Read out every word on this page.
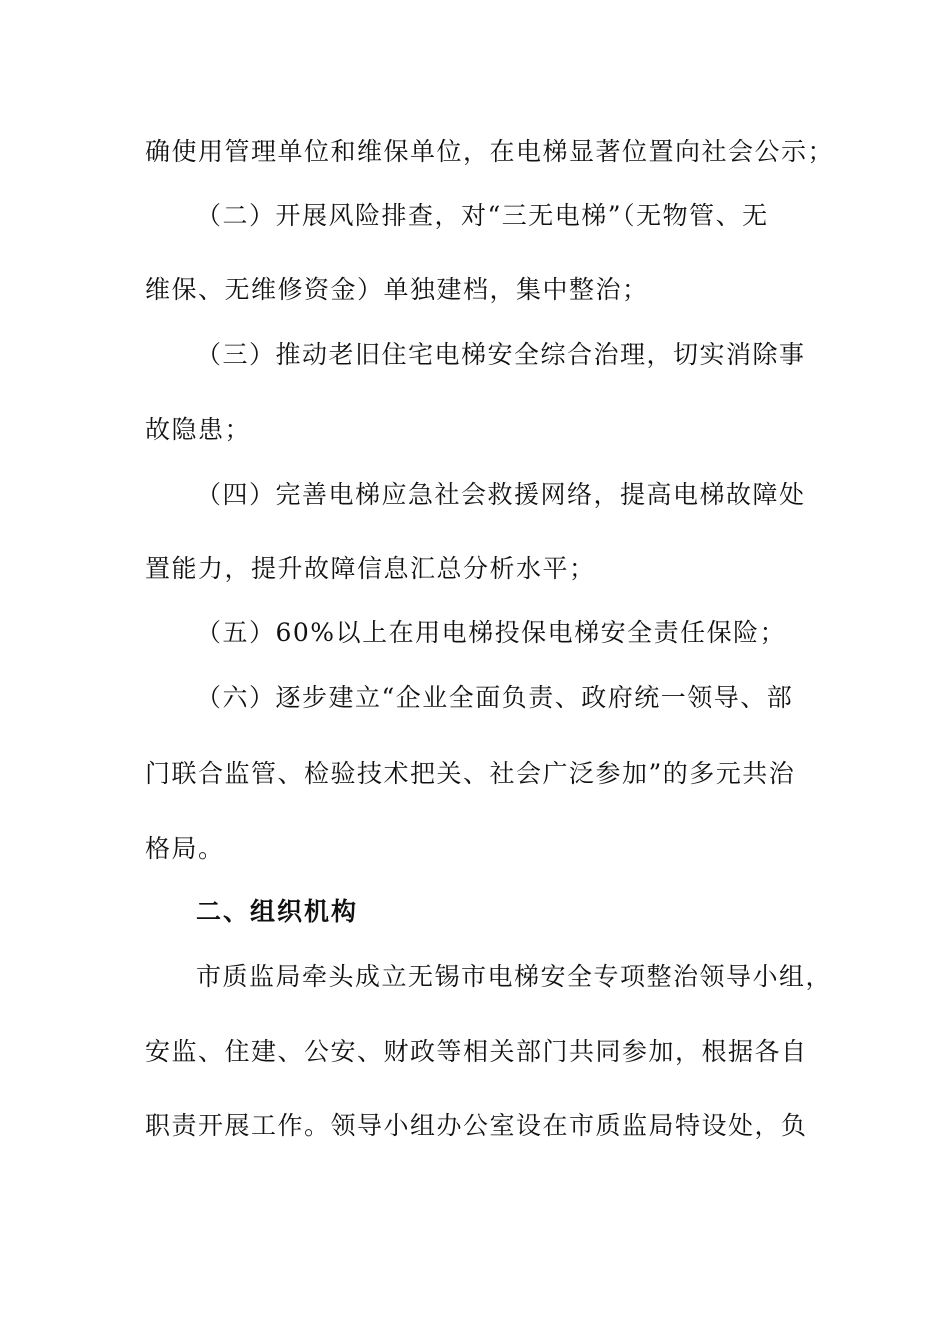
确使用管理单位和维保单位，在电梯显著位置向社会公示；
（二）开展风险排查，对“三无电梯”（无物管、无
维保、无维修资金）单独建档，集中整治；
（三）推动老旧住宅电梯安全综合治理，切实消除事
故隐患；
（四）完善电梯应急社会救援网络，提高电梯故障处
置能力，提升故障信息汇总分析水平；
（五）60%以上在用电梯投保电梯安全责任保险；
（六）逐步建立“企业全面负责、政府统一领导、部
门联合监管、检验技术把关、社会广泛参加”的多元共治
格局。
二、组织机构
市质监局牵头成立无锡市电梯安全专项整治领导小组，
安监、住建、公安、财政等相关部门共同参加，根据各自
职责开展工作。领导小组办公室设在市质监局特设处，负
